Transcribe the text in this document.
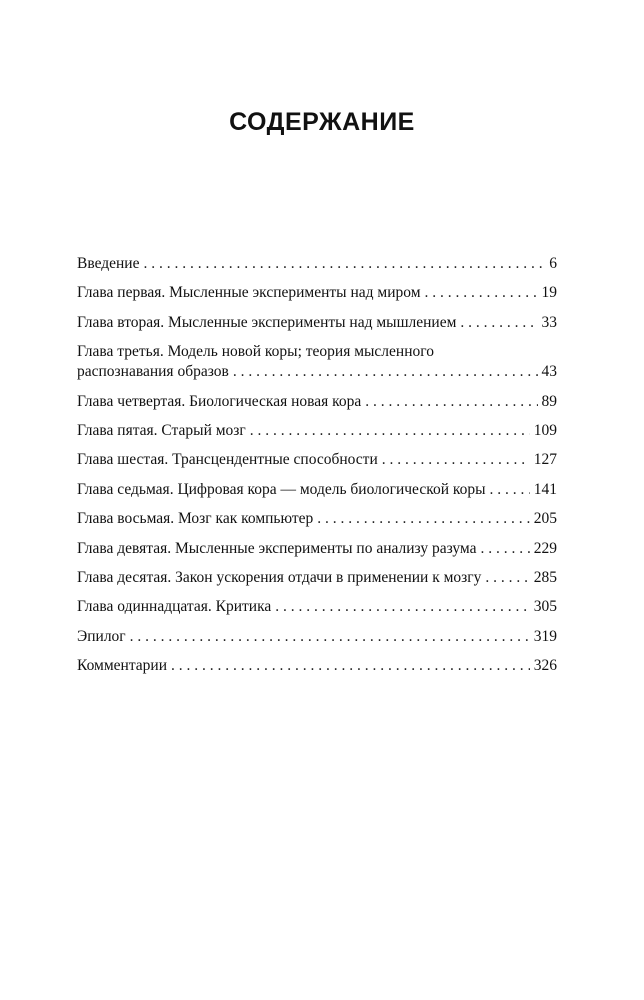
СОДЕРЖАНИЕ
Введение . . .	6
Глава первая. Мысленные эксперименты над миром . . .	19
Глава вторая. Мысленные эксперименты над мышлением . . .	33
Глава третья. Модель новой коры; теория мысленного
распознавания образов . . .	43
Глава четвертая. Биологическая новая кора . . .	89
Глава пятая. Старый мозг . . .	109
Глава шестая. Трансцендентные способности . . .	127
Глава седьмая. Цифровая кора — модель биологической коры . . .	141
Глава восьмая. Мозг как компьютер . . .	205
Глава девятая. Мысленные эксперименты по анализу разума . . .	229
Глава десятая. Закон ускорения отдачи в применении к мозгу . . .	285
Глава одиннадцатая. Критика . . .	305
Эпилог . . .	319
Комментарии . . .	326
